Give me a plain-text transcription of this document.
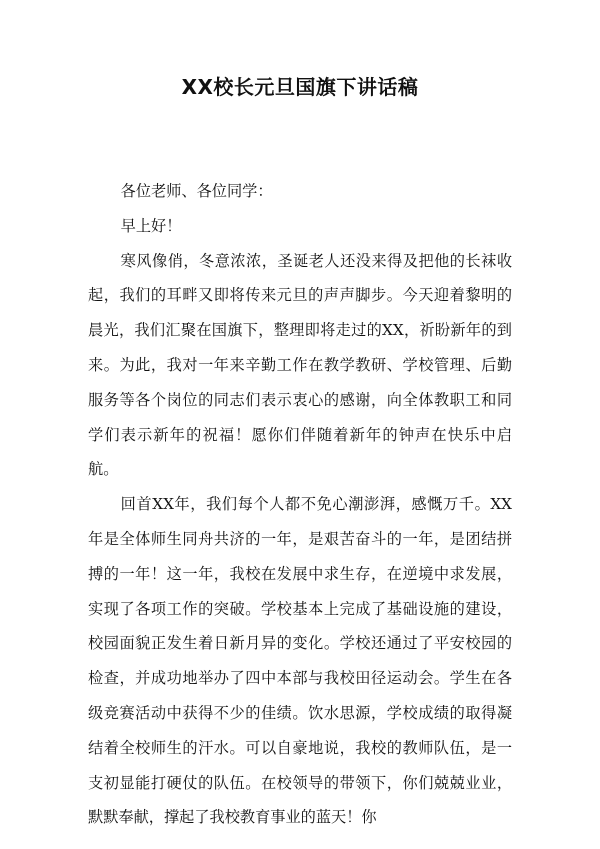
XX校长元旦国旗下讲话稿

各位老师、各位同学：

早上好！

寒风像俏，冬意浓浓，圣诞老人还没来得及把他的长袜收起，我们的耳畔又即将传来元旦的声声脚步。今天迎着黎明的晨光，我们汇聚在国旗下，整理即将走过的XX，祈盼新年的到来。为此，我对一年来辛勤工作在教学教研、学校管理、后勤服务等各个岗位的同志们表示衷心的感谢，向全体教职工和同学们表示新年的祝福！愿你们伴随着新年的钟声在快乐中启航。

回首XX年，我们每个人都不免心潮澎湃，感慨万千。XX年是全体师生同舟共济的一年，是艰苦奋斗的一年，是团结拼搏的一年！这一年，我校在发展中求生存，在逆境中求发展，实现了各项工作的突破。学校基本上完成了基础设施的建设，校园面貌正发生着日新月异的变化。学校还通过了平安校园的检查，并成功地举办了四中本部与我校田径运动会。学生在各级竞赛活动中获得不少的佳绩。饮水思源，学校成绩的取得凝结着全校师生的汗水。可以自豪地说，我校的教师队伍，是一支初显能打硬仗的队伍。在校领导的带领下，你们兢兢业业，默默奉献，撑起了我校教育事业的蓝天！你
